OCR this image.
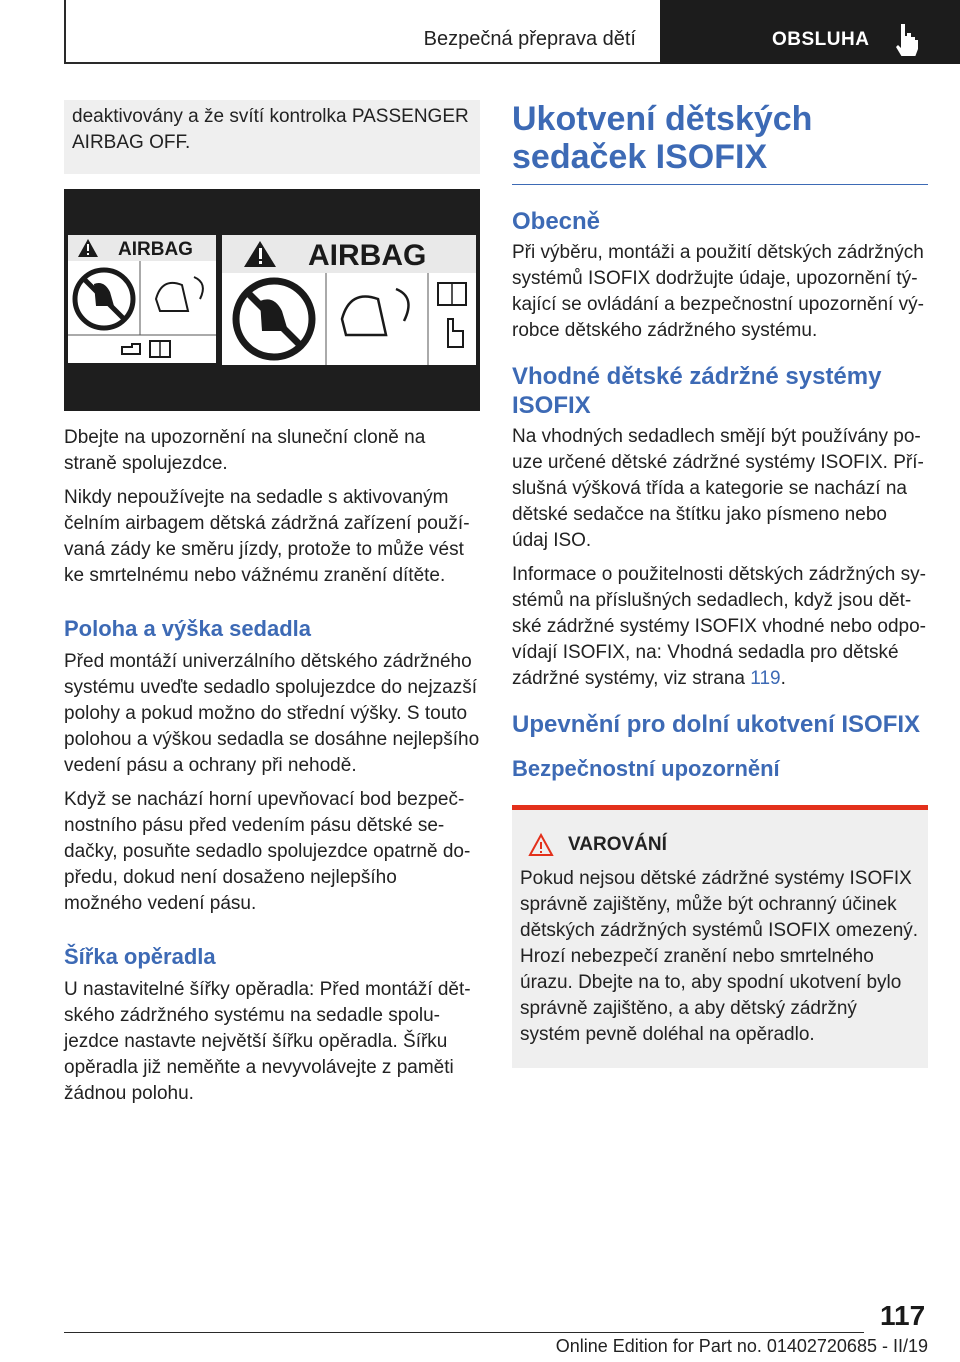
Bezpečná přeprava dětí	OBSLUHA

deaktivovány a že svítí kontrolka PASSENGER AIRBAG OFF.

AIRBAG	AIRBAG

Dbejte na upozornění na sluneční cloně na straně spolujezdce.

Nikdy nepoužívejte na sedadle s aktivovaným čelním airbagem dětská zádržná zařízení použí-vaná zády ke směru jízdy, protože to může vést ke smrtelnému nebo vážnému zranění dítěte.

Poloha a výška sedadla

Před montáží univerzálního dětského zádržného systému uveďte sedadlo spolujezdce do nejzazší polohy a pokud možno do střední výšky. S touto polohou a výškou sedadla se dosáhne nejlepšího vedení pásu a ochrany při nehodě.

Když se nachází horní upevňovací bod bezpeč-nostního pásu před vedením pásu dětské se-dačky, posuňte sedadlo spolujezdce opatrně do-předu, dokud není dosaženo nejlepšího možného vedení pásu.

Šířka opěradla

U nastavitelné šířky opěradla: Před montáží dět-ského zádržného systému na sedadle spolu-jezdce nastavte největší šířku opěradla. Šířku opěradla již neměňte a nevyvolávejte z paměti žádnou polohu.

Ukotvení dětských sedaček ISOFIX
Obecně

Při výběru, montáži a použití dětských zádržných systémů ISOFIX dodržujte údaje, upozornění tý-kající se ovládání a bezpečnostní upozornění vý-robce dětského zádržného systému.

Vhodné dětské zádržné systémy ISOFIX

Na vhodných sedadlech smějí být používány po-uze určené dětské zádržné systémy ISOFIX. Pří-slušná výšková třída a kategorie se nachází na dětské sedačce na štítku jako písmeno nebo údaj ISO.

Informace o použitelnosti dětských zádržných sy-stémů na příslušných sedadlech, když jsou dět-ské zádržné systémy ISOFIX vhodné nebo odpo-vídají ISOFIX, na: Vhodná sedadla pro dětské zádržné systémy, viz strana 119.

Upevnění pro dolní ukotvení ISOFIX
Bezpečnostní upozornění
VAROVÁNÍ

Pokud nejsou dětské zádržné systémy ISOFIX správně zajištěny, může být ochranný účinek dětských zádržných systémů ISOFIX omezený. Hrozí nebezpečí zranění nebo smrtelného úrazu. Dbejte na to, aby spodní ukotvení bylo správně zajištěno, a aby dětský zádržný systém pevně doléhal na opěradlo.

117
Online Edition for Part no. 01402720685 - II/19
